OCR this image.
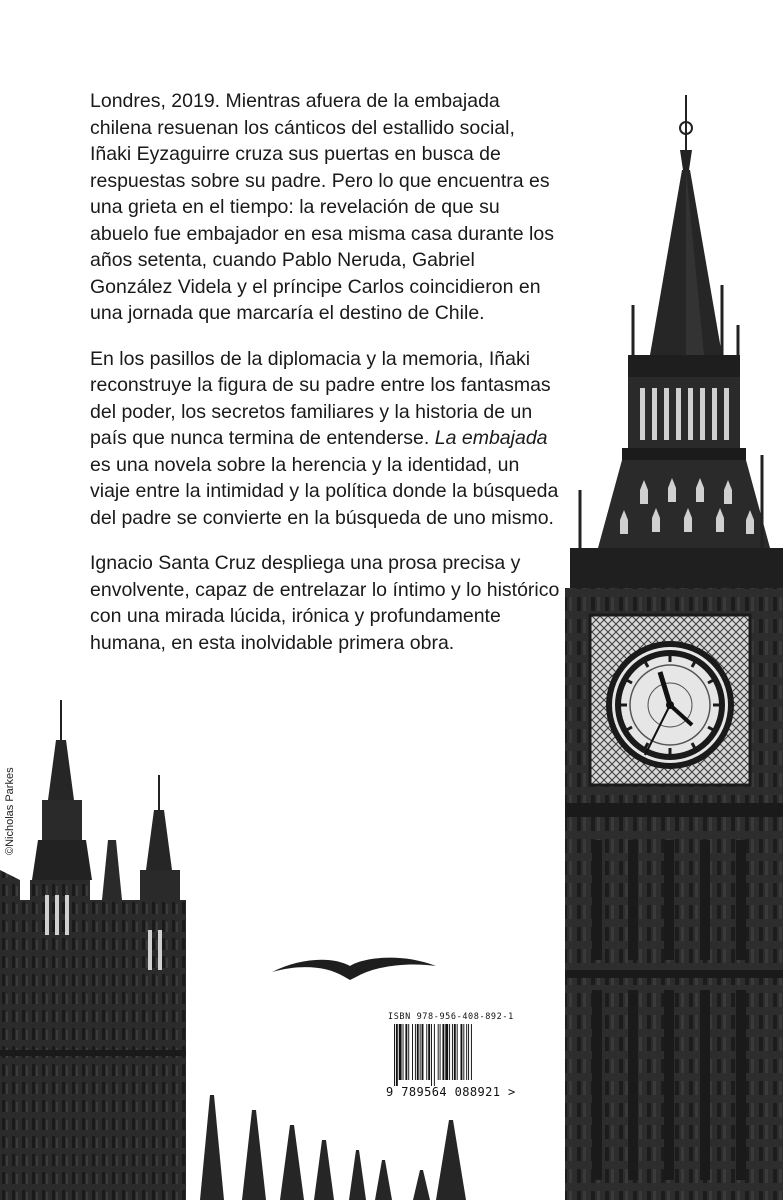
Londres, 2019. Mientras afuera de la embajada chilena resuenan los cánticos del estallido social, Iñaki Eyzaguirre cruza sus puertas en busca de respuestas sobre su padre. Pero lo que encuentra es una grieta en el tiempo: la revelación de que su abuelo fue embajador en esa misma casa durante los años setenta, cuando Pablo Neruda, Gabriel González Videla y el príncipe Carlos coincidieron en una jornada que marcaría el destino de Chile.

En los pasillos de la diplomacia y la memoria, Iñaki reconstruye la figura de su padre entre los fantasmas del poder, los secretos familiares y la historia de un país que nunca termina de entenderse. La embajada es una novela sobre la herencia y la identidad, un viaje entre la intimidad y la política donde la búsqueda del padre se convierte en la búsqueda de uno mismo.

Ignacio Santa Cruz despliega una prosa precisa y envolvente, capaz de entrelazar lo íntimo y lo histórico con una mirada lúcida, irónica y profundamente humana, en esta inolvidable primera obra.

©Nicholas Parkes
ISBN 978-956-408-892-1
9 789564 088921 >
